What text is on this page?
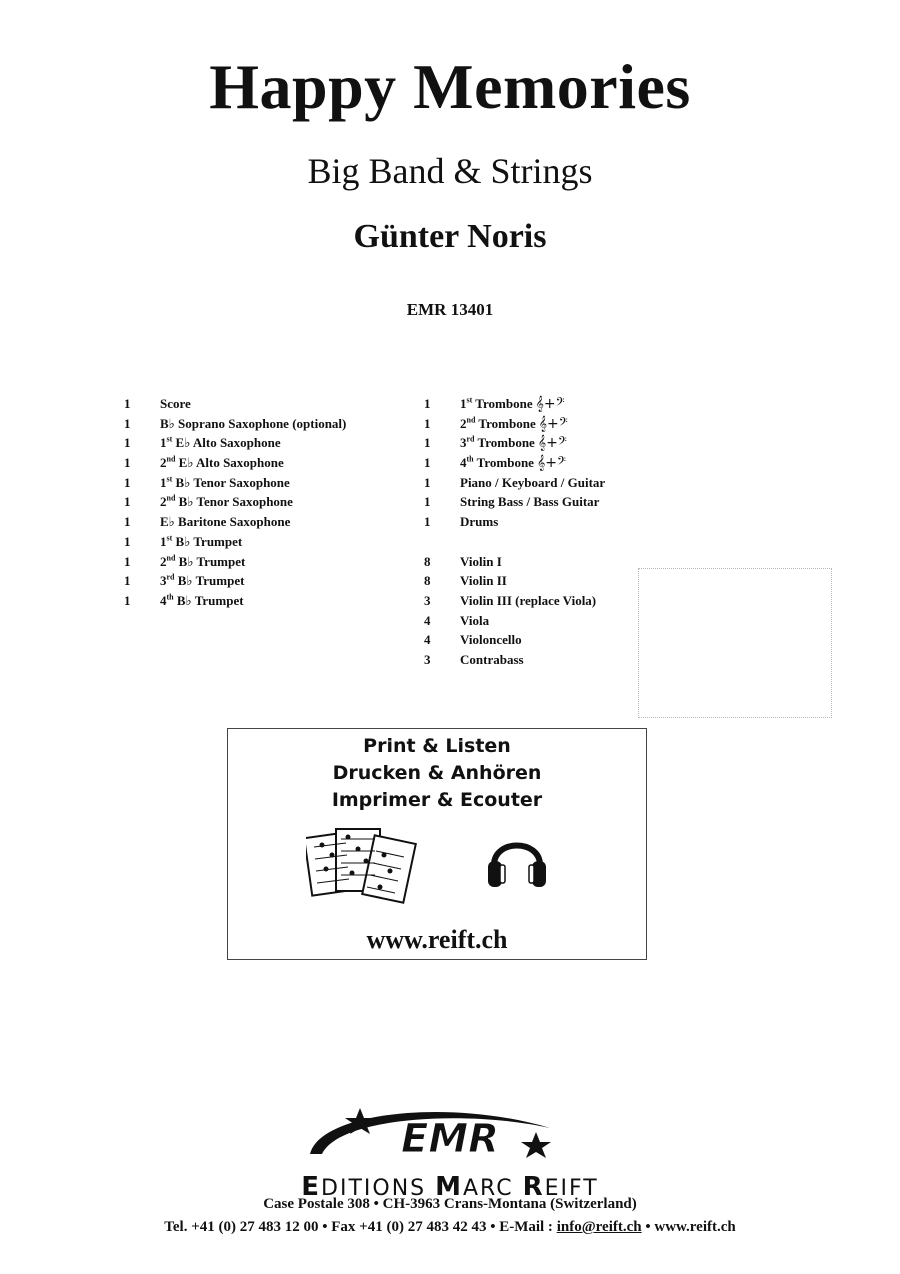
Happy Memories
Big Band & Strings
Günter Noris
EMR 13401
1	Score
1	B♭ Soprano Saxophone (optional)
1	1st E♭ Alto Saxophone
1	2nd E♭ Alto Saxophone
1	1st B♭ Tenor Saxophone
1	2nd B♭ Tenor Saxophone
1	E♭ Baritone Saxophone
1	1st B♭ Trumpet
1	2nd B♭ Trumpet
1	3rd B♭ Trumpet
1	4th B♭ Trumpet
1	1st Trombone 𝄞+𝄢
1	2nd Trombone 𝄞+𝄢
1	3rd Trombone 𝄞+𝄢
1	4th Trombone 𝄞+𝄢
1	Piano / Keyboard / Guitar
1	String Bass / Bass Guitar
1	Drums
8	Violin I
8	Violin II
3	Violin III (replace Viola)
4	Viola
4	Violoncello
3	Contrabass
Print & Listen
Drucken & Anhören
Imprimer & Ecouter
www.reift.ch
EMR
EDITIONS MARC REIFT
Case Postale 308 • CH-3963 Crans-Montana (Switzerland)
Tel. +41 (0) 27 483 12 00 • Fax +41 (0) 27 483 42 43 • E-Mail : info@reift.ch • www.reift.ch
